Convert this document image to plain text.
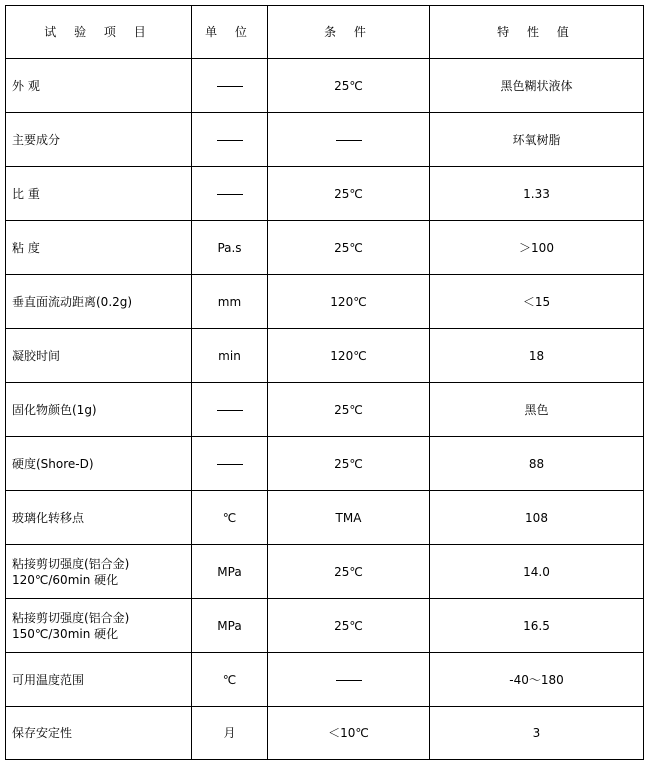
试 验 项 目	单 位	条 件	特 性 值
外 观		25℃	黑色糊状液体
主要成分			环氧树脂
比 重		25℃	1.33
粘 度	Pa.s	25℃	＞100
垂直面流动距离(0.2g)	mm	120℃	＜15
凝胶时间	min	120℃	18
固化物颜色(1g)		25℃	黑色
硬度(Shore-D)		25℃	88
玻璃化转移点	℃	TMA	108
粘接剪切强度(铝合金)
120℃/60min 硬化	MPa	25℃	14.0
粘接剪切强度(铝合金)
150℃/30min 硬化	MPa	25℃	16.5
可用温度范围	℃		-40～180
保存安定性	月	＜10℃	3
